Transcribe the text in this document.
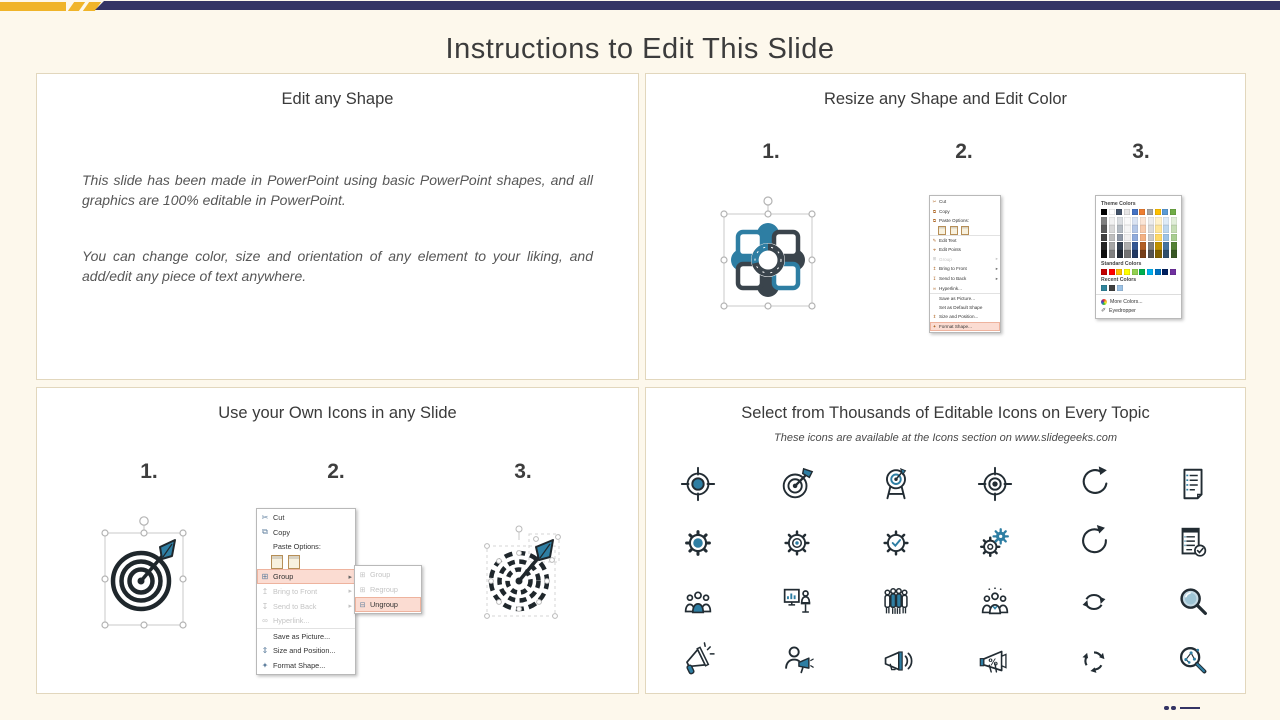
Instructions to Edit This Slide
Edit any Shape

This slide has been made in PowerPoint using basic PowerPoint shapes, and all graphics are 100% editable in PowerPoint.

You can change color, size and orientation of any element to your liking, and add/edit any piece of text anywhere.

Resize any Shape and Edit Color
1.	2.	3.
✂ Cut
⧉ Copy
⧉ Paste Options:
✎ Edit Text
⌖ Edit Points
⊞ Group	▸
↥ Bring to Front	▸
↧ Send to Back	▸
∞ Hyperlink...
Save as Picture...
Set as Default Shape
⇕ Size and Position...
✦ Format Shape...
Theme Colors
Standard Colors
Recent Colors
More Colors...
✐ Eyedropper
Use your Own Icons in any Slide
1.	2.	3.
✂ Cut
⧉ Copy
Paste Options:
⊞ Group	▸
↥ Bring to Front	▸
↧ Send to Back	▸
∞ Hyperlink...
Save as Picture...
⇕ Size and Position...
✦ Format Shape...
⊞ Group
⊞ Regroup
⊟ Ungroup
Select from Thousands of Editable Icons on Every Topic
These icons are available at the Icons section on www.slidegeeks.com
